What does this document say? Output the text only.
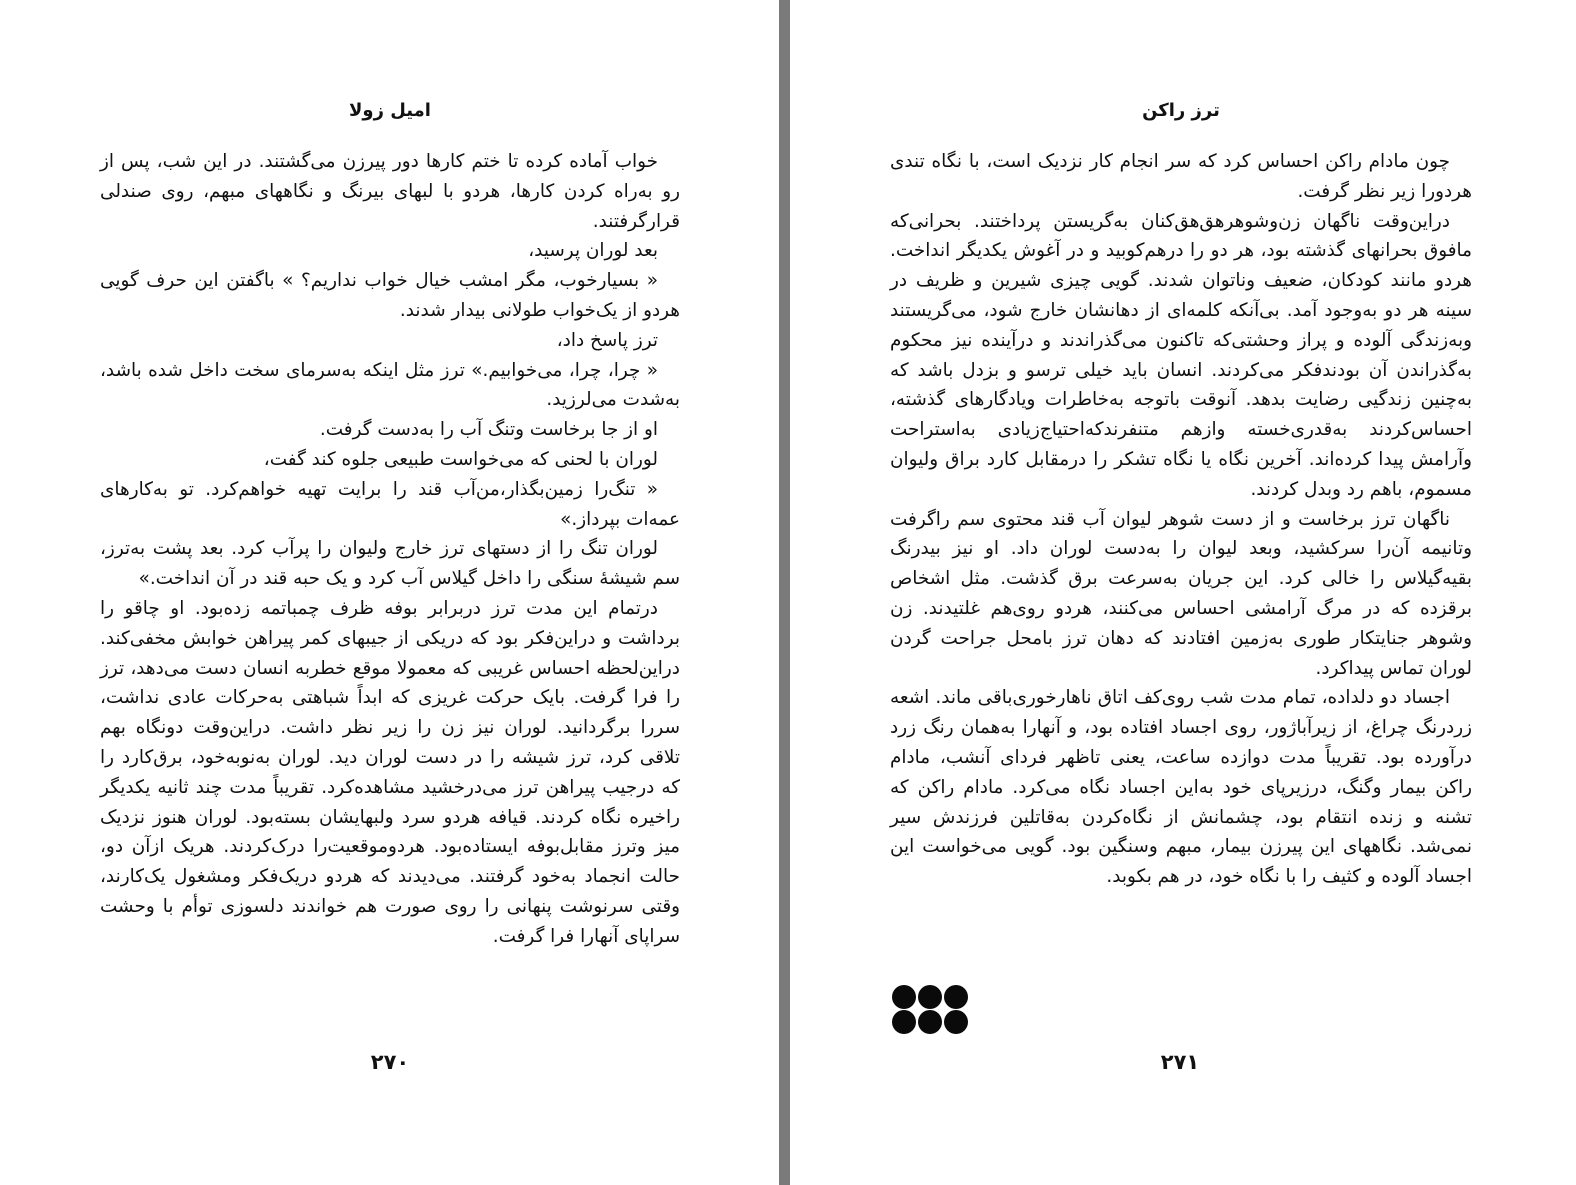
امیل زولا

خواب آماده کرده تا ختم کارها دور پیرزن می‌گشتند. در این شب، پس از رو به‌راه کردن کارها، هردو با لبهای بیرنگ و نگاههای مبهم، روی صندلی قرارگرفتند.

بعد لوران پرسید،

« بسیارخوب، مگر امشب خیال خواب نداریم؟ » باگفتن این حرف گویی هردو از یک‌خواب طولانی بیدار شدند.

ترز پاسخ داد،

« چرا، چرا، می‌خوابیم.» ترز مثل اینکه به‌سرمای سخت داخل شده باشد، به‌شدت می‌لرزید.

او از جا برخاست وتنگ آب را به‌دست گرفت.

لوران با لحنی که می‌خواست طبیعی جلوه کند گفت،

« تنگ‌را زمین‌بگذار،من‌آب قند را برایت تهیه خواهم‌کرد. تو به‌کارهای عمه‌ات بپرداز.»

لوران تنگ را از دستهای ترز خارج ولیوان را پرآب کرد. بعد پشت به‌ترز، سم شیشهٔ سنگی را داخل گیلاس آب کرد و یک حبه قند در آن انداخت.»

درتمام این مدت ترز دربرابر بوفه ظرف چمباتمه زده‌بود. او چاقو را برداشت و دراین‌فکر بود که دریکی از جیبهای کمر پیراهن خوابش مخفی‌کند. دراین‌لحظه احساس غریبی که معمولا موقع خطربه انسان دست می‌دهد، ترز را فرا گرفت. بایک حرکت غریزی که ابداً شباهتی به‌حرکات عادی نداشت، سررا برگردانید. لوران نیز زن را زیر نظر داشت. دراین‌وقت دونگاه بهم تلاقی کرد، ترز شیشه را در دست لوران دید. لوران به‌نوبه‌خود، برق‌کارد را که درجیب پیراهن ترز می‌درخشید مشاهده‌کرد. تقریباً مدت چند ثانیه یکدیگر راخیره نگاه کردند. قیافه هردو سرد ولبهایشان بسته‌بود. لوران هنوز نزدیک میز وترز مقابل‌بوفه ایستاده‌بود. هردوموقعیت‌را درک‌کردند. هریک ازآن دو، حالت انجماد به‌خود گرفتند. می‌دیدند که هردو دریک‌فکر ومشغول یک‌کارند، وقتی سرنوشت پنهانی را روی صورت هم خواندند دلسوزی توأم با وحشت سراپای آنهارا فرا گرفت.

۲۷۰
ترز راکن

چون مادام راکن احساس کرد که سر انجام کار نزدیک است، با نگاه تندی هردورا زیر نظر گرفت.

دراین‌وقت ناگهان زن‌وشوهرهق‌هق‌کنان به‌گریستن پرداختند. بحرانی‌که مافوق بحرانهای گذشته بود، هر دو را درهم‌کوبید و در آغوش یکدیگر انداخت. هردو مانند کودکان، ضعیف وناتوان شدند. گویی چیزی شیرین و ظریف در سینه هر دو به‌وجود آمد. بی‌آنکه کلمه‌ای از دهانشان خارج شود، می‌گریستند وبه‌زندگی آلوده و پراز وحشتی‌که تاکنون می‌گذراندند و درآینده نیز محکوم به‌گذراندن آن بودند‌فکر می‌کردند. انسان باید خیلی ترسو و بزدل باشد که به‌چنین زندگیی رضایت بدهد. آنوقت باتوجه به‌خاطرات ویادگارهای گذشته، احساس‌کردند به‌قدری‌خسته وازهم متنفرندکه‌احتیاج‌زیادی به‌استراحت وآرامش پیدا کرده‌اند. آخرین نگاه یا نگاه تشکر را درمقابل کارد براق ولیوان مسموم، باهم رد وبدل کردند.

ناگهان ترز برخاست و از دست شوهر لیوان آب قند محتوی سم راگرفت وتانیمه آن‌را سرکشید، وبعد لیوان را به‌دست لوران داد. او نیز بیدرنگ بقیه‌گیلاس را خالی کرد. این جریان به‌سرعت برق گذشت. مثل اشخاص برقزده که در مرگ آرامشی احساس می‌کنند، هردو روی‌هم غلتیدند. زن وشوهر جنایتکار طوری به‌زمین افتادند که دهان ترز بامحل جراحت گردن لوران تماس پیداکرد.

اجساد دو دلداده، تمام مدت شب روی‌کف اتاق ناهارخوری‌باقی ماند. اشعه زردرنگ چراغ، از زیرآباژور، روی اجساد افتاده بود، و آنهارا به‌همان رنگ زرد درآورده بود. تقریباً مدت دوازده ساعت، یعنی تاظهر فردای آنشب، مادام راکن بیمار وگنگ، درزیرپای خود به‌این اجساد نگاه می‌کرد. مادام راکن که تشنه و زنده انتقام بود، چشمانش از نگاه‌کردن به‌قاتلین فرزندش سیر نمی‌شد. نگاههای این پیرزن بیمار، مبهم وسنگین بود. گویی می‌خواست این اجساد آلوده و کثیف را با نگاه خود، در هم بکوبد.

۲۷۱
